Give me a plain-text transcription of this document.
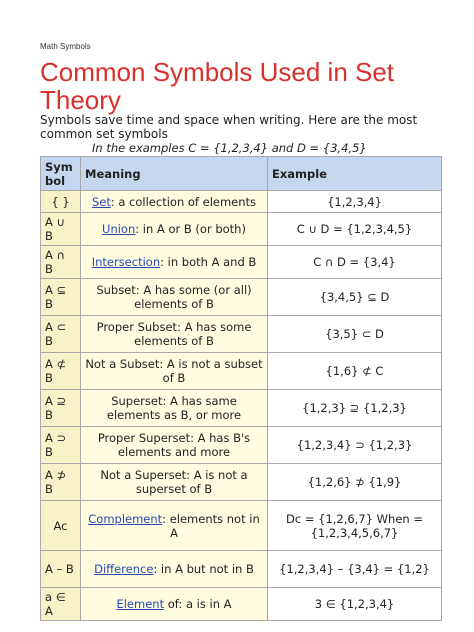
Math Symbols
Common Symbols Used in Set Theory
Symbols save time and space when writing. Here are the most common set symbols
In the examples C = {1,2,3,4} and D = {3,4,5}
Sym bol	Meaning	Example
{ }	Set: a collection of elements	{1,2,3,4}
A ∪ B	Union: in A or B (or both)	C ∪ D = {1,2,3,4,5}
A ∩ B	Intersection: in both A and B	C ∩ D = {3,4}
A ⊆ B	Subset: A has some (or all) elements of B	{3,4,5} ⊆ D
A ⊂ B	Proper Subset: A has some elements of B	{3,5} ⊂ D
A ⊄ B	Not a Subset: A is not a subset of B	{1,6} ⊄ C
A ⊇ B	Superset: A has same elements as B, or more	{1,2,3} ⊇ {1,2,3}
A ⊃ B	Proper Superset: A has B's elements and more	{1,2,3,4} ⊃ {1,2,3}
A ⊅ B	Not a Superset: A is not a superset of B	{1,2,6} ⊅ {1,9}
Ac	Complement: elements not in A	Dc = {1,2,6,7} When = {1,2,3,4,5,6,7}
A – B	Difference: in A but not in B	{1,2,3,4} – {3,4} = {1,2}
a ∈ A	Element of: a is in A	3 ∈ {1,2,3,4}
